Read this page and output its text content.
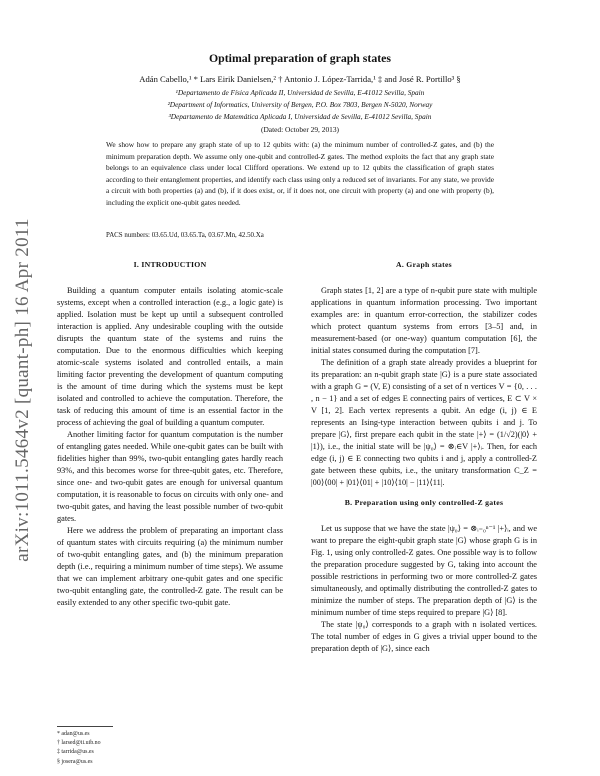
arXiv:1011.5464v2 [quant-ph] 16 Apr 2011
Optimal preparation of graph states
Adán Cabello,¹ * Lars Eirik Danielsen,² † Antonio J. López-Tarrida,¹ ‡ and José R. Portillo³ §
¹Departamento de Física Aplicada II, Universidad de Sevilla, E-41012 Sevilla, Spain
²Department of Informatics, University of Bergen, P.O. Box 7803, Bergen N-5020, Norway
³Departamento de Matemática Aplicada I, Universidad de Sevilla, E-41012 Sevilla, Spain
(Dated: October 29, 2013)
We show how to prepare any graph state of up to 12 qubits with: (a) the minimum number of controlled-Z gates, and (b) the minimum preparation depth. We assume only one-qubit and controlled-Z gates. The method exploits the fact that any graph state belongs to an equivalence class under local Clifford operations. We extend up to 12 qubits the classification of graph states according to their entanglement properties, and identify each class using only a reduced set of invariants. For any state, we provide a circuit with both properties (a) and (b), if it does exist, or, if it does not, one circuit with property (a) and one with property (b), including the explicit one-qubit gates needed.
PACS numbers: 03.65.Ud, 03.65.Ta, 03.67.Mn, 42.50.Xa
I. INTRODUCTION

Building a quantum computer entails isolating atomic-scale systems, except when a controlled interaction (e.g., a logic gate) is applied. Isolation must be kept up until a subsequent controlled interaction is applied. Any undesirable coupling with the outside disrupts the quantum state of the systems and ruins the computation. Due to the enormous difficulties which keeping atomic-scale systems isolated and controlled entails, a main limiting factor preventing the development of quantum computing is the amount of time during which the systems must be kept isolated and controlled to achieve the computation. Therefore, the task of reducing this amount of time is an essential factor in the process of achieving the goal of building a quantum computer.

Another limiting factor for quantum computation is the number of entangling gates needed. While one-qubit gates can be built with fidelities higher than 99%, two-qubit entangling gates hardly reach 93%, and this becomes worse for three-qubit gates, etc. Therefore, since one- and two-qubit gates are enough for universal quantum computation, it is reasonable to focus on circuits with only one- and two-qubit gates, and having the least possible number of two-qubit gates.

Here we address the problem of preparating an important class of quantum states with circuits requiring (a) the minimum number of two-qubit entangling gates, and (b) the minimum preparation depth (i.e., requiring a minimum number of time steps). We assume that we can implement arbitrary one-qubit gates and one specific two-qubit entangling gate, the controlled-Z gate. The result can be easily extended to any other specific two-qubit gate.

A. Graph states

Graph states [1, 2] are a type of n-qubit pure state with multiple applications in quantum information processing. Two important examples are: in quantum error-correction, the stabilizer codes which protect quantum systems from errors [3–5] and, in measurement-based (or one-way) quantum computation [6], the initial states consumed during the computation [7].

The definition of a graph state already provides a blueprint for its preparation: an n-qubit graph state |G⟩ is a pure state associated with a graph G = (V, E) consisting of a set of n vertices V = {0, . . . , n − 1} and a set of edges E connecting pairs of vertices, E ⊂ V × V [1, 2]. Each vertex represents a qubit. An edge (i, j) ∈ E represents an Ising-type interaction between qubits i and j. To prepare |G⟩, first prepare each qubit in the state |+⟩ = (1/√2)(|0⟩ + |1⟩), i.e., the initial state will be |ψ₀⟩ = ⊗ᵢ∈V |+⟩ᵢ. Then, for each edge (i, j) ∈ E connecting two qubits i and j, apply a controlled-Z gate between these qubits, i.e., the unitary transformation C_Z = |00⟩⟨00| + |01⟩⟨01| + |10⟩⟨10| − |11⟩⟨11|.

B. Preparation using only controlled-Z gates

Let us suppose that we have the state |ψ₀⟩ = ⊗ᵢ₌₀ⁿ⁻¹ |+⟩ᵢ, and we want to prepare the eight-qubit graph state |G⟩ whose graph G is in Fig. 1, using only controlled-Z gates. One possible way is to follow the preparation procedure suggested by G, taking into account the possible restrictions in performing two or more controlled-Z gates simultaneously, and optimally distributing the controlled-Z gates to minimize the number of steps. The preparation depth of |G⟩ is the minimum number of time steps required to prepare |G⟩ [8].

The state |ψ₀⟩ corresponds to a graph with n isolated vertices. The total number of edges in G gives a trivial upper bound to the preparation depth of |G⟩, since each

* adan@us.es
† larsed@ii.uib.no
‡ tarrida@us.es
§ josera@us.es
